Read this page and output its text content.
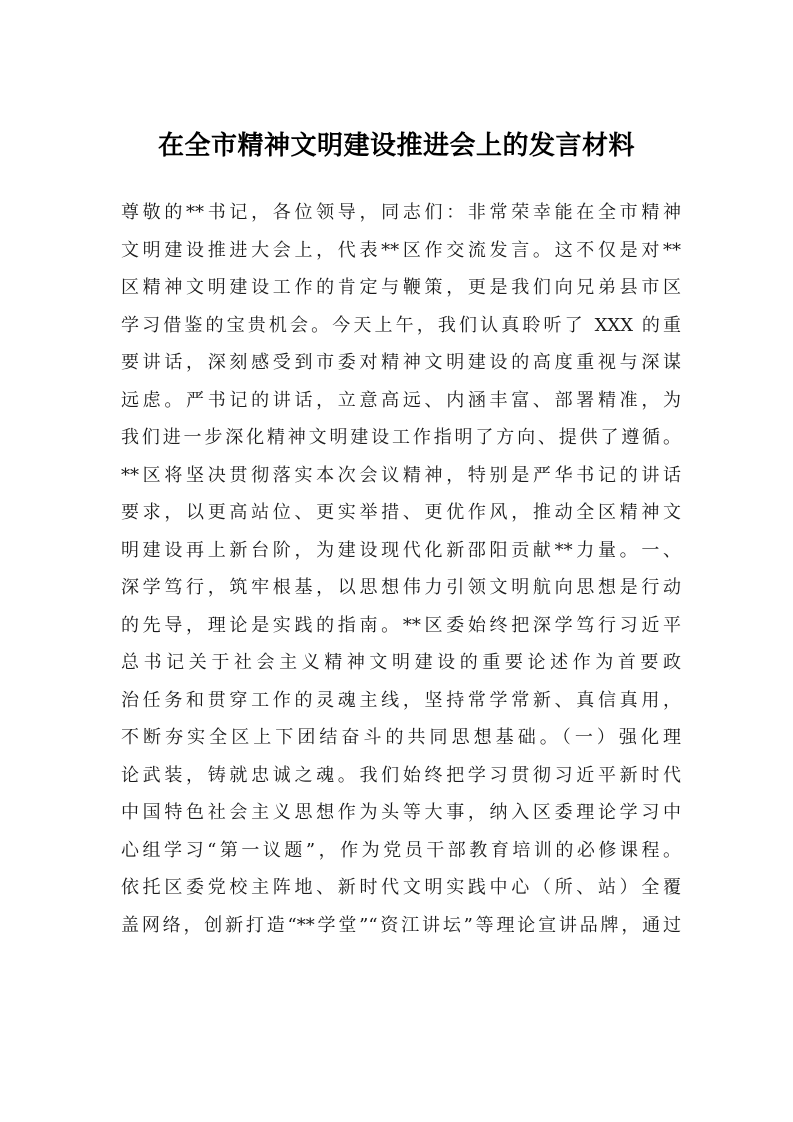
在全市精神文明建设推进会上的发言材料
尊敬的**书记，各位领导，同志们：非常荣幸能在全市精神
文明建设推进大会上，代表**区作交流发言。这不仅是对**
区精神文明建设工作的肯定与鞭策，更是我们向兄弟县市区
学习借鉴的宝贵机会。今天上午，我们认真聆听了 XXX 的重
要讲话，深刻感受到市委对精神文明建设的高度重视与深谋
远虑。严书记的讲话，立意高远、内涵丰富、部署精准，为
我们进一步深化精神文明建设工作指明了方向、提供了遵循。
**区将坚决贯彻落实本次会议精神，特别是严华书记的讲话
要求，以更高站位、更实举措、更优作风，推动全区精神文
明建设再上新台阶，为建设现代化新邵阳贡献**力量。一、
深学笃行，筑牢根基，以思想伟力引领文明航向思想是行动
的先导，理论是实践的指南。**区委始终把深学笃行习近平
总书记关于社会主义精神文明建设的重要论述作为首要政
治任务和贯穿工作的灵魂主线，坚持常学常新、真信真用，
不断夯实全区上下团结奋斗的共同思想基础。（一）强化理
论武装，铸就忠诚之魂。我们始终把学习贯彻习近平新时代
中国特色社会主义思想作为头等大事，纳入区委理论学习中
心组学习“第一议题”，作为党员干部教育培训的必修课程。
依托区委党校主阵地、新时代文明实践中心（所、站）全覆
盖网络，创新打造“**学堂”“资江讲坛”等理论宣讲品牌，通过
